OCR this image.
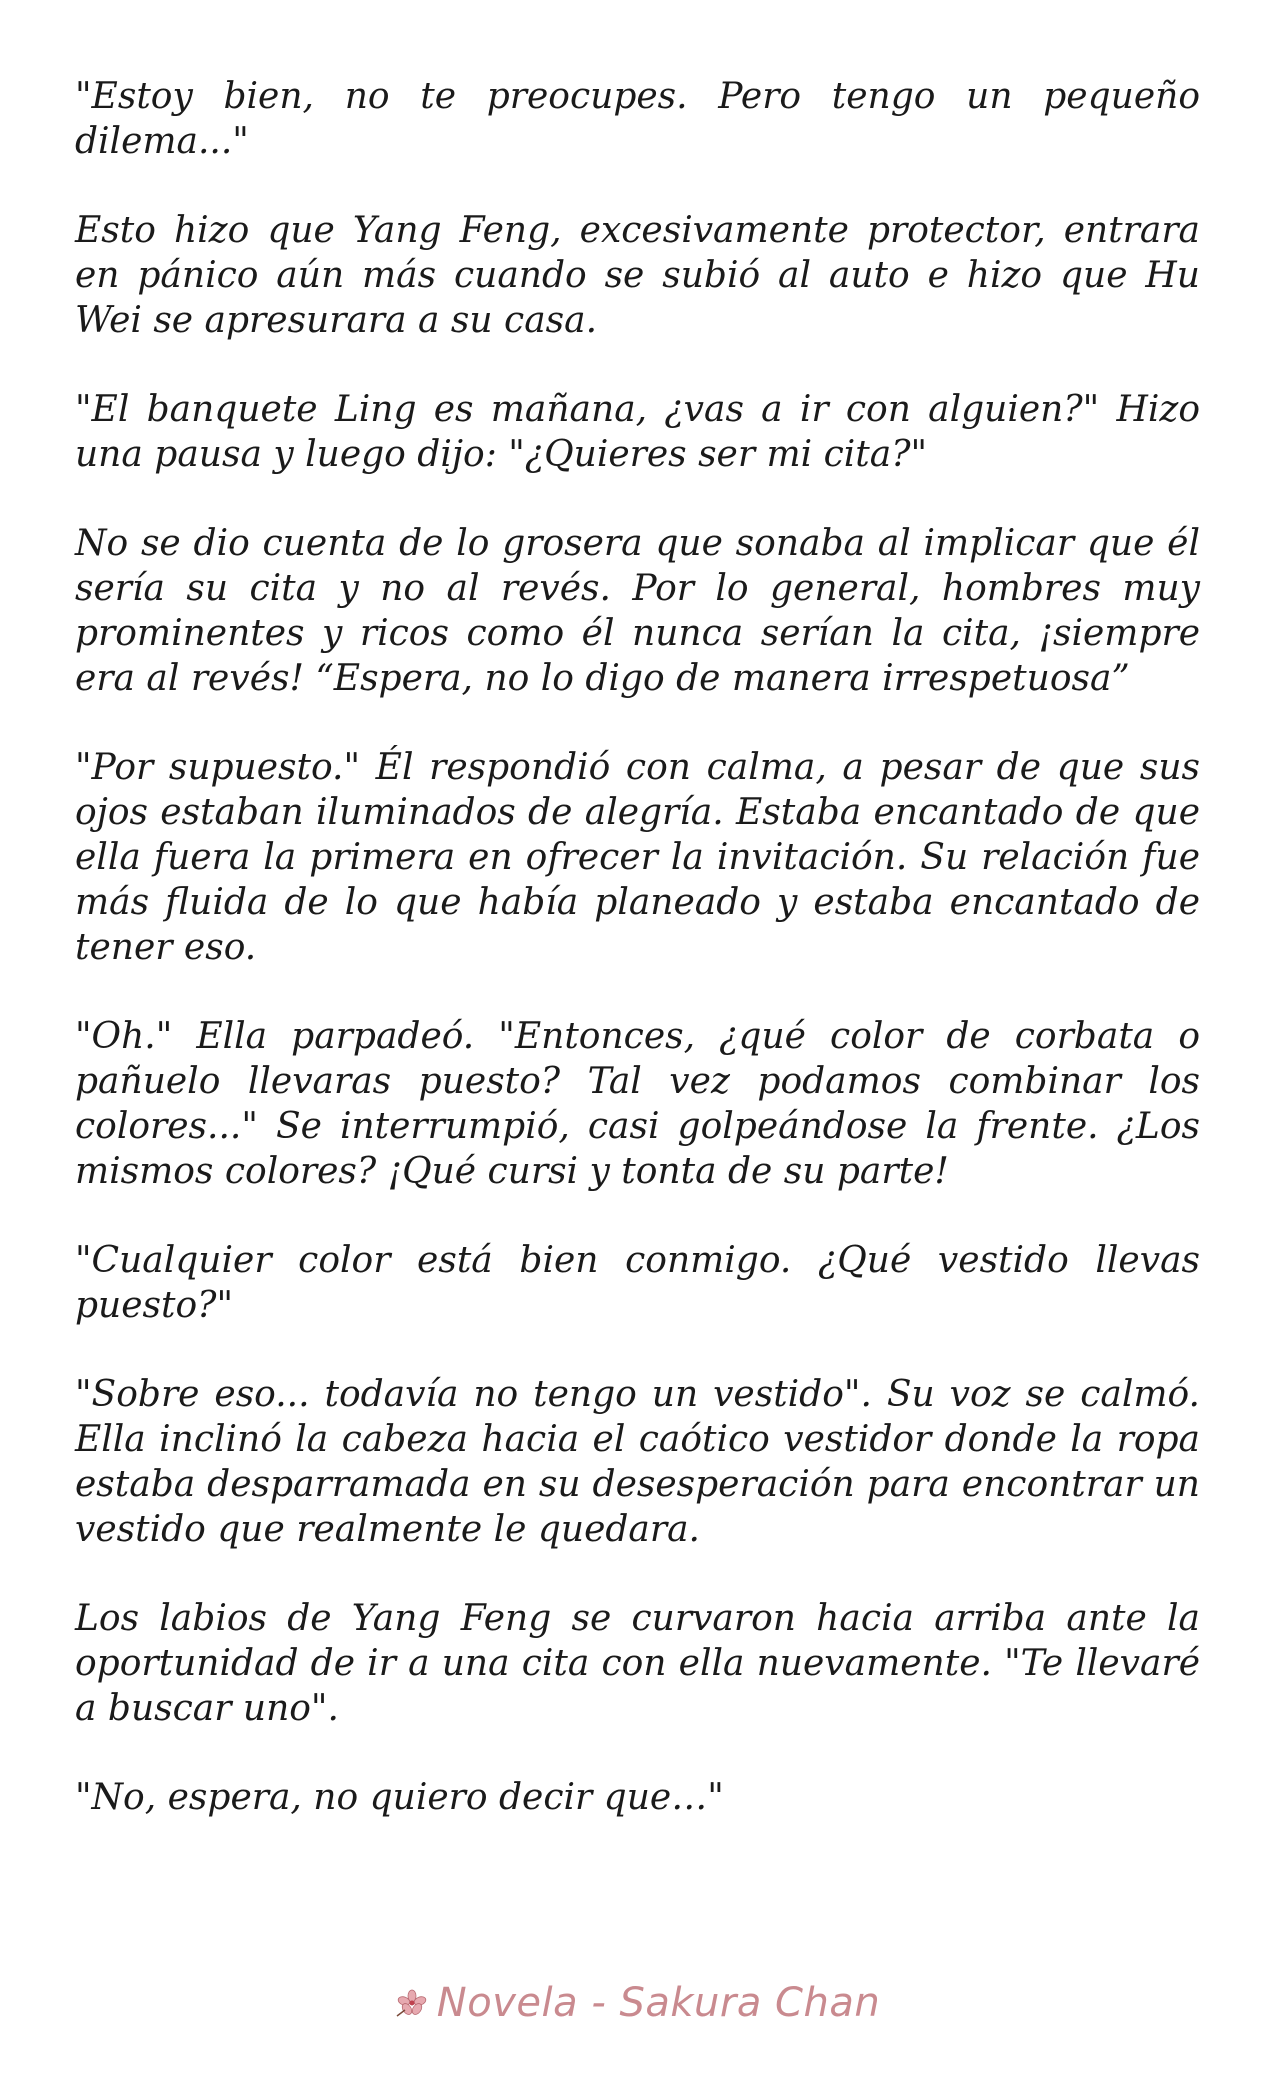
"Estoy bien, no te preocupes. Pero tengo un pequeño dilema..."

Esto hizo que Yang Feng, excesivamente protector, entrara en pánico aún más cuando se subió al auto e hizo que Hu Wei se apresurara a su casa.

"El banquete Ling es mañana, ¿vas a ir con alguien?" Hizo una pausa y luego dijo: "¿Quieres ser mi cita?"

No se dio cuenta de lo grosera que sonaba al implicar que él sería su cita y no al revés. Por lo general, hombres muy prominentes y ricos como él nunca serían la cita, ¡siempre era al revés! “Espera, no lo digo de manera irrespetuosa”

"Por supuesto." Él respondió con calma, a pesar de que sus ojos estaban iluminados de alegría. Estaba encantado de que ella fuera la primera en ofrecer la invitación. Su relación fue más fluida de lo que había planeado y estaba encantado de tener eso.

"Oh." Ella parpadeó. "Entonces, ¿qué color de corbata o pañuelo llevaras puesto? Tal vez podamos combinar los colores..." Se interrumpió, casi golpeándose la frente. ¿Los mismos colores? ¡Qué cursi y tonta de su parte!

"Cualquier color está bien conmigo. ¿Qué vestido llevas puesto?"

"Sobre eso... todavía no tengo un vestido". Su voz se calmó. Ella inclinó la cabeza hacia el caótico vestidor donde la ropa estaba desparramada en su desesperación para encontrar un vestido que realmente le quedara.

Los labios de Yang Feng se curvaron hacia arriba ante la oportunidad de ir a una cita con ella nuevamente. "Te llevaré a buscar uno".

"No, espera, no quiero decir que…"

Novela - Sakura Chan
